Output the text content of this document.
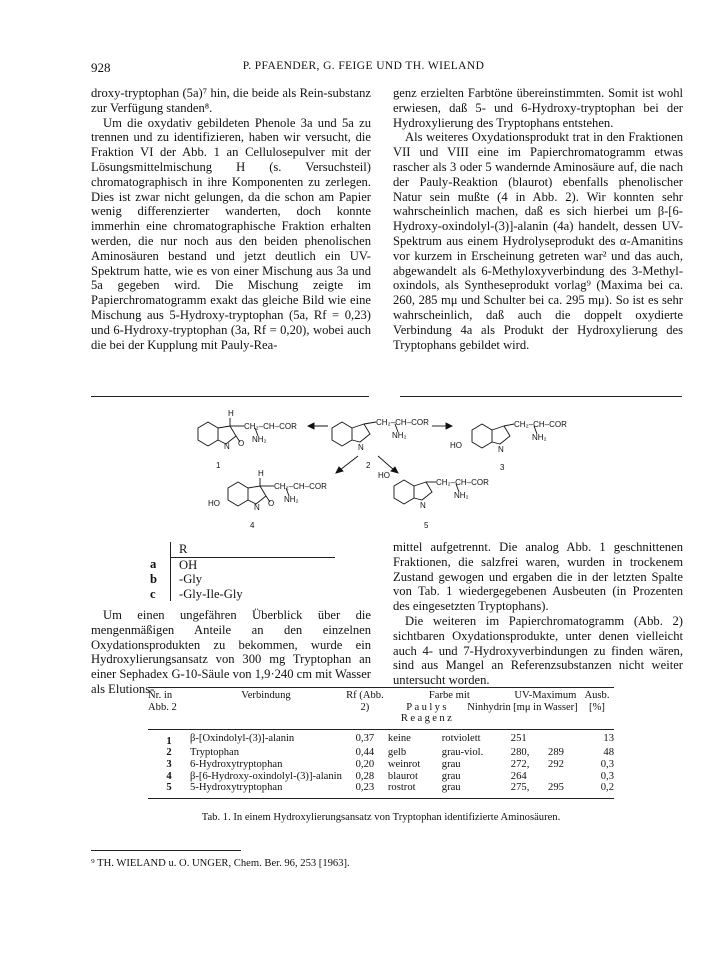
928	P. PFAENDER, G. FEIGE UND TH. WIELAND

droxy-tryptophan (5a)⁷ hin, die beide als Rein-substanz zur Verfügung standen⁸.

Um die oxydativ gebildeten Phenole 3a und 5a zu trennen und zu identifizieren, haben wir versucht, die Fraktion VI der Abb. 1 an Cellulosepulver mit der Lösungsmittelmischung H (s. Versuchsteil) chromatographisch in ihre Komponenten zu zerlegen. Dies ist zwar nicht gelungen, da die schon am Papier wenig differenzierter wanderten, doch konnte immerhin eine chromatographische Fraktion erhalten werden, die nur noch aus den beiden phenolischen Aminosäuren bestand und jetzt deutlich ein UV-Spektrum hatte, wie es von einer Mischung aus 3a und 5a gegeben wird. Die Mischung zeigte im Papierchromatogramm exakt das gleiche Bild wie eine Mischung aus 5-Hydroxy-tryptophan (5a, Rf = 0,23) und 6-Hydroxy-tryptophan (3a, Rf = 0,20), wobei auch die bei der Kupplung mit Pauly-Rea-

genz erzielten Farbtöne übereinstimmten. Somit ist wohl erwiesen, daß 5- und 6-Hydroxy-tryptophan bei der Hydroxylierung des Tryptophans entstehen.

Als weiteres Oxydationsprodukt trat in den Fraktionen VII und VIII eine im Papierchromatogramm etwas rascher als 3 oder 5 wandernde Aminosäure auf, die nach der Pauly-Reaktion (blaurot) ebenfalls phenolischer Natur sein mußte (4 in Abb. 2). Wir konnten sehr wahrscheinlich machen, daß es sich hierbei um β-[6-Hydroxy-oxindolyl-(3)]-alanin (4a) handelt, dessen UV-Spektrum aus einem Hydrolyseprodukt des α-Amanitins vor kurzem in Erscheinung getreten war² und das auch, abgewandelt als 6-Methyloxyverbindung des 3-Methyl-oxindols, als Syntheseprodukt vorlag⁹ (Maxima bei ca. 260, 285 mμ und Schulter bei ca. 295 mμ). So ist es sehr wahrscheinlich, daß auch die doppelt oxydierte Verbindung 4a als Produkt der Hydroxylierung des Tryptophans gebildet wird.

H
CH₂–CH–COR
NH₂
O
N
1
CH₂–CH–COR
NH₂
N
2
HO
CH₂–CH–COR
NH₂
N
3
HO
H
CH₂–CH–COR
NH₂
O
N
4
HO
CH₂–CH–COR
NH₂
N
5
	R
a	OH
b	-Gly
c	-Gly-Ile-Gly

Um einen ungefähren Überblick über die mengenmäßigen Anteile an den einzelnen Oxydationsprodukten zu bekommen, wurde ein Hydroxylierungsansatz von 300 mg Tryptophan an einer Sephadex G-10-Säule von 1,9·240 cm mit Wasser als Elutions-

mittel aufgetrennt. Die analog Abb. 1 geschnittenen Fraktionen, die salzfrei waren, wurden in trockenem Zustand gewogen und ergaben die in der letzten Spalte von Tab. 1 wiedergegebenen Ausbeuten (in Prozenten des eingesetzten Tryptophans).

Die weiteren im Papierchromatogramm (Abb. 2) sichtbaren Oxydationsprodukte, unter denen vielleicht auch 4- und 7-Hydroxyverbindungen zu finden wären, sind aus Mangel an Referenzsubstanzen nicht weiter untersucht worden.

Nr. in Abb. 2	Verbindung	Rf (Abb. 2)	Farbe mit
Paulys Reagenz
Ninhydrin		UV-Maximum [mμ in Wasser]		Ausb. [%]
1	β-[Oxindolyl-(3)]-alanin	0,37	keine	rotviolett	251		13
2	Tryptophan	0,44	gelb	grau-viol.	280,	289	48
3	6-Hydroxytryptophan	0,20	weinrot	grau	272,	292	0,3
4	β-[6-Hydroxy-oxindolyl-(3)]-alanin	0,28	blaurot	grau	264		0,3
5	5-Hydroxytryptophan	0,23	rostrot	grau	275,	295	0,2
Tab. 1. In einem Hydroxylierungsansatz von Tryptophan identifizierte Aminosäuren.
⁹ TH. WIELAND u. O. UNGER, Chem. Ber. 96, 253 [1963].
